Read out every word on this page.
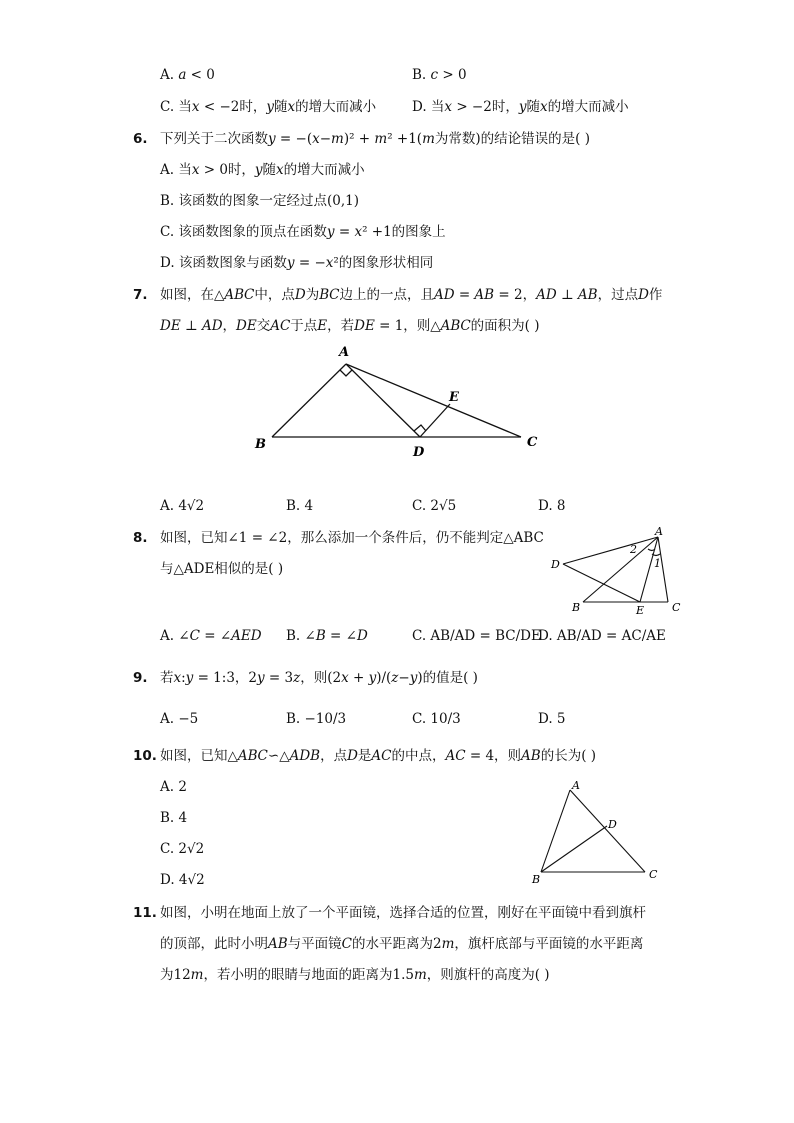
A. 𝑎 < 0	B. 𝑐 > 0
C. 当𝑥 < −2时，𝑦随𝑥的增大而减小	D. 当𝑥 > −2时，𝑦随𝑥的增大而减小
6. 下列关于二次函数𝑦 = −(𝑥−𝑚)² + 𝑚² +1(𝑚为常数)的结论错误的是( )
A. 当𝑥 > 0时，𝑦随𝑥的增大而减小
B. 该函数的图象一定经过点(0,1)
C. 该函数图象的顶点在函数𝑦 = 𝑥² +1的图象上
D. 该函数图象与函数𝑦 = −𝑥²的图象形状相同
7. 如图，在△𝐴𝐵𝐶中，点𝐷为𝐵𝐶边上的一点，且𝐴𝐷 = 𝐴𝐵 = 2，𝐴𝐷 ⊥ 𝐴𝐵，过点𝐷作
𝐷𝐸 ⊥ 𝐴𝐷，𝐷𝐸交𝐴𝐶于点𝐸，若𝐷𝐸 = 1，则△𝐴𝐵𝐶的面积为( )
A
B	C
D
E
A. 4√2	B. 4	C. 2√5	D. 8
8. 如图，已知∠1 = ∠2，那么添加一个条件后，仍不能判定△ABC
与△ADE相似的是( )
A
B	C
D
E
1
2
A. ∠𝐶 = ∠𝐴𝐸𝐷 B. ∠𝐵 = ∠𝐷	C. AB/AD = BC/DE
D. AB/AD = AC/AE
9. 若𝑥:𝑦 = 1:3，2𝑦 = 3𝑧，则(2𝑥 + 𝑦)/(𝑧−𝑦)的值是( )
A. −5	B. −10/3	C. 10/3	D. 5
10. 如图，已知△𝐴𝐵𝐶∽△𝐴𝐷𝐵，点𝐷是𝐴𝐶的中点，𝐴𝐶 = 4，则𝐴𝐵的长为( )
A. 2
B. 4
C. 2√2
D. 4√2
A
B	C
D
11. 如图，小明在地面上放了一个平面镜，选择合适的位置，刚好在平面镜中看到旗杆
的顶部，此时小明𝐴𝐵与平面镜𝐶的水平距离为2𝑚，旗杆底部与平面镜的水平距离
为12𝑚，若小明的眼睛与地面的距离为1.5𝑚，则旗杆的高度为( )
